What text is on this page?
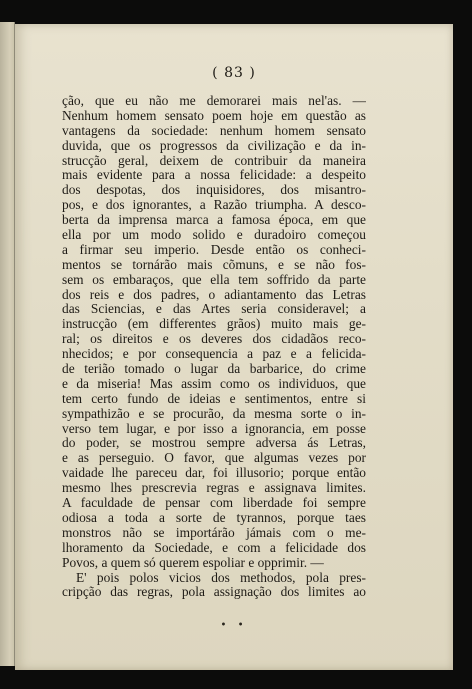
( 83 )
ção, que eu não me demorarei mais nel'as. —
Nenhum homem sensato poem hoje em questão as
vantagens da sociedade: nenhum homem sensato
duvida, que os progressos da civilização e da in-
strucção geral, deixem de contribuir da maneira
mais evidente para a nossa felicidade: a despeito
dos despotas, dos inquisidores, dos misantro-
pos, e dos ignorantes, a Razão triumpha. A desco-
berta da imprensa marca a famosa época, em que
ella por um modo solido e duradoiro começou
a firmar seu imperio. Desde então os conheci-
mentos se tornárão mais cõmuns, e se não fos-
sem os embaraços, que ella tem soffrido da parte
dos reis e dos padres, o adiantamento das Letras
das Sciencias, e das Artes seria consideravel; a
instrucção (em differentes grãos) muito mais ge-
ral; os direitos e os deveres dos cidadãos reco-
nhecidos; e por consequencia a paz e a felicida-
de terião tomado o lugar da barbarice, do crime
e da miseria! Mas assim como os individuos, que
tem certo fundo de ideias e sentimentos, entre si
sympathizão e se procurão, da mesma sorte o in-
verso tem lugar, e por isso a ignorancia, em posse
do poder, se mostrou sempre adversa ás Letras,
e as perseguio. O favor, que algumas vezes por
vaidade lhe pareceu dar, foi illusorio; porque então
mesmo lhes prescrevia regras e assignava limites.
A faculdade de pensar com liberdade foi sempre
odiosa a toda a sorte de tyrannos, porque taes
monstros não se importárão jámais com o me-
lhoramento da Sociedade, e com a felicidade dos
Povos, a quem só querem espoliar e opprimir. —
E' pois polos vicios dos methodos, pola pres-
cripção das regras, pola assignação dos limites ao
• •
